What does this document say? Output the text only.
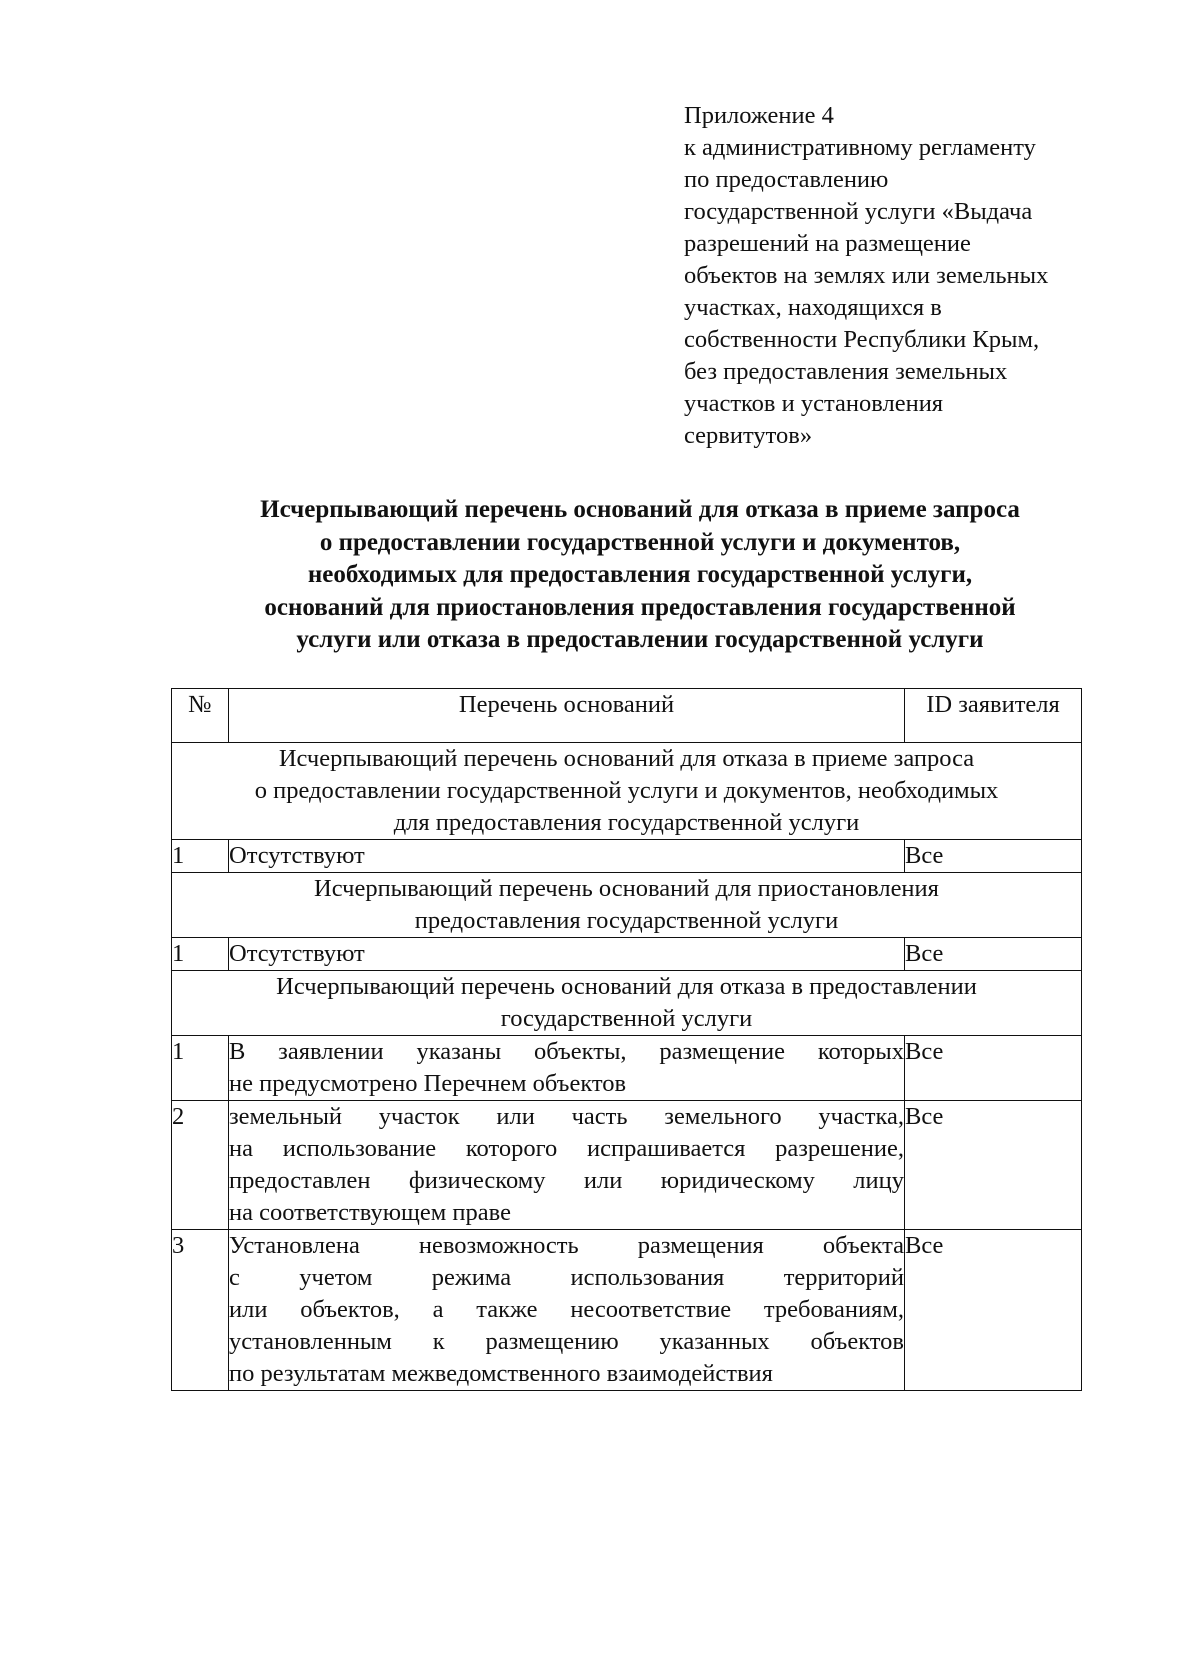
Приложение 4
к административному регламенту
по предоставлению
государственной услуги «Выдача
разрешений на размещение
объектов на землях или земельных
участках, находящихся в
собственности Республики Крым,
без предоставления земельных
участков и установления
сервитутов»
Исчерпывающий перечень оснований для отказа в приеме запроса
о предоставлении государственной услуги и документов,
необходимых для предоставления государственной услуги,
оснований для приостановления предоставления государственной
услуги или отказа в предоставлении государственной услуги
№	Перечень оснований	ID заявителя

Исчерпывающий перечень оснований для отказа в приеме запроса
о предоставлении государственной услуги и документов, необходимых
для предоставления государственной услуги		

1	Отсутствуют	Все

Исчерпывающий перечень оснований для приостановления
предоставления государственной услуги		

1	Отсутствуют	Все

Исчерпывающий перечень оснований для отказа в предоставлении
государственной услуги		

1	В заявлении указаны объекты, размещение которых
не предусмотрено Перечнем объектов	Все
2	земельный участок или часть земельного участка,
на использование которого испрашивается разрешение,
предоставлен физическому или юридическому лицу
на соответствующем праве	Все
3	Установлена невозможность размещения объекта
с учетом режима использования территорий
или объектов, а также несоответствие требованиям,
установленным к размещению указанных объектов
по результатам межведомственного взаимодействия	Все
